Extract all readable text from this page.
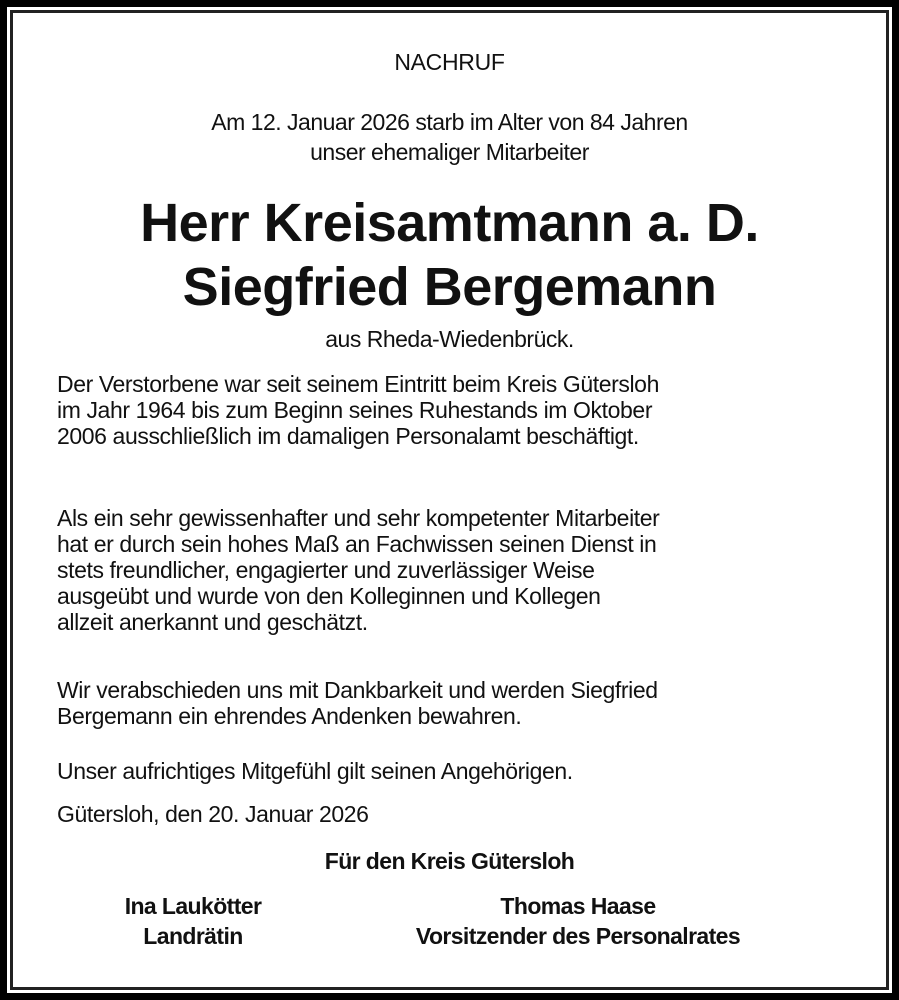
NACHRUF
Am 12. Januar 2026 starb im Alter von 84 Jahren
unser ehemaliger Mitarbeiter
Herr Kreisamtmann a. D.
Siegfried Bergemann
aus Rheda-Wiedenbrück.
Der Verstorbene war seit seinem Eintritt beim Kreis Gütersloh
im Jahr 1964 bis zum Beginn seines Ruhestands im Oktober
2006 ausschließlich im damaligen Personalamt beschäftigt.
Als ein sehr gewissenhafter und sehr kompetenter Mitarbeiter
hat er durch sein hohes Maß an Fachwissen seinen Dienst in
stets freundlicher, engagierter und zuverlässiger Weise
ausgeübt und wurde von den Kolleginnen und Kollegen
allzeit anerkannt und geschätzt.
Wir verabschieden uns mit Dankbarkeit und werden Siegfried
Bergemann ein ehrendes Andenken bewahren.
Unser aufrichtiges Mitgefühl gilt seinen Angehörigen.
Gütersloh, den 20. Januar 2026
Für den Kreis Gütersloh
Ina Laukötter
Landrätin
Thomas Haase
Vorsitzender des Personalrates
